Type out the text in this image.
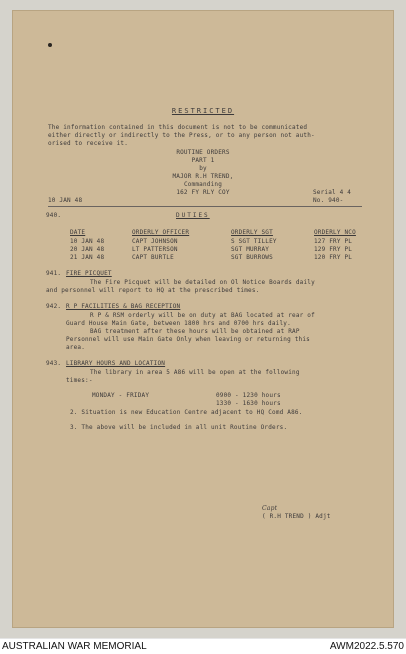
RESTRICTED
The information contained in this document is not to be communicated
either directly or indirectly to the Press, or to any person not auth-
orised to receive it.
ROUTINE ORDERS
PART 1
by
MAJOR R.H TREND,
Commanding
162 FY RLY COY
10 JAN 48
Serial 4 4
No. 940-
940.	DUTIES
DATE	ORDERLY OFFICER	ORDERLY SGT	ORDERLY NCO
10 JAN 48	CAPT JOHNSON	S SGT TILLEY	127 FRY PL
20 JAN 48	LT PATTERSON	SGT MURRAY	129 FRY PL
21 JAN 48	CAPT BURTLE	SGT BURROWS	120 FRY PL
941. FIRE PICQUET
The Fire Picquet will be detailed on Ol Notice Boards daily
and personnel will report to HQ at the prescribed times.
942. R P FACILITIES & BAG RECEPTION
R P & RSM orderly will be on duty at BAG located at rear of
Guard House Main Gate, between 1800 hrs and 0700 hrs daily.
BAG treatment after these hours will be obtained at RAP
Personnel will use Main Gate Only when leaving or returning this
area.
943. LIBRARY HOURS AND LOCATION
The library in area 5 A86 will be open at the following
times:-
MONDAY - FRIDAY	0900 - 1230 hours
1330 - 1630 hours
2. Situation is new Education Centre adjacent to HQ Comd A86.
3. The above will be included in all unit Routine Orders.
Capt
( R.H TREND ) Adjt
AUSTRALIAN WAR MEMORIAL	AWM2022.5.570
